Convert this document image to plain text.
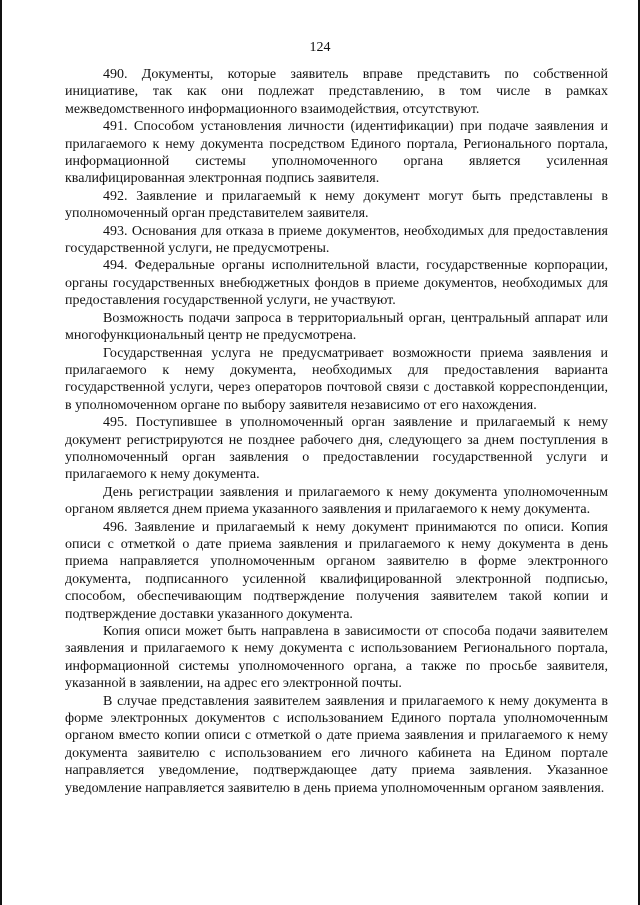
124

490. Документы, которые заявитель вправе представить по собственной инициативе, так как они подлежат представлению, в том числе в рамках межведомственного информационного взаимодействия, отсутствуют.

491. Способом установления личности (идентификации) при подаче заявления и прилагаемого к нему документа посредством Единого портала, Регионального портала, информационной системы уполномоченного органа является усиленная квалифицированная электронная подпись заявителя.

492. Заявление и прилагаемый к нему документ могут быть представлены в уполномоченный орган представителем заявителя.

493. Основания для отказа в приеме документов, необходимых для предоставления государственной услуги, не предусмотрены.

494. Федеральные органы исполнительной власти, государственные корпорации, органы государственных внебюджетных фондов в приеме документов, необходимых для предоставления государственной услуги, не участвуют.

Возможность подачи запроса в территориальный орган, центральный аппарат или многофункциональный центр не предусмотрена.

Государственная услуга не предусматривает возможности приема заявления и прилагаемого к нему документа, необходимых для предоставления варианта государственной услуги, через операторов почтовой связи с доставкой корреспонденции, в уполномоченном органе по выбору заявителя независимо от его нахождения.

495. Поступившее в уполномоченный орган заявление и прилагаемый к нему документ регистрируются не позднее рабочего дня, следующего за днем поступления в уполномоченный орган заявления о предоставлении государственной услуги и прилагаемого к нему документа.

День регистрации заявления и прилагаемого к нему документа уполномоченным органом является днем приема указанного заявления и прилагаемого к нему документа.

496. Заявление и прилагаемый к нему документ принимаются по описи. Копия описи с отметкой о дате приема заявления и прилагаемого к нему документа в день приема направляется уполномоченным органом заявителю в форме электронного документа, подписанного усиленной квалифицированной электронной подписью, способом, обеспечивающим подтверждение получения заявителем такой копии и подтверждение доставки указанного документа.

Копия описи может быть направлена в зависимости от способа подачи заявителем заявления и прилагаемого к нему документа с использованием Регионального портала, информационной системы уполномоченного органа, а также по просьбе заявителя, указанной в заявлении, на адрес его электронной почты.

В случае представления заявителем заявления и прилагаемого к нему документа в форме электронных документов с использованием Единого портала уполномоченным органом вместо копии описи с отметкой о дате приема заявления и прилагаемого к нему документа заявителю с использованием его личного кабинета на Едином портале направляется уведомление, подтверждающее дату приема заявления. Указанное уведомление направляется заявителю в день приема уполномоченным органом заявления.
